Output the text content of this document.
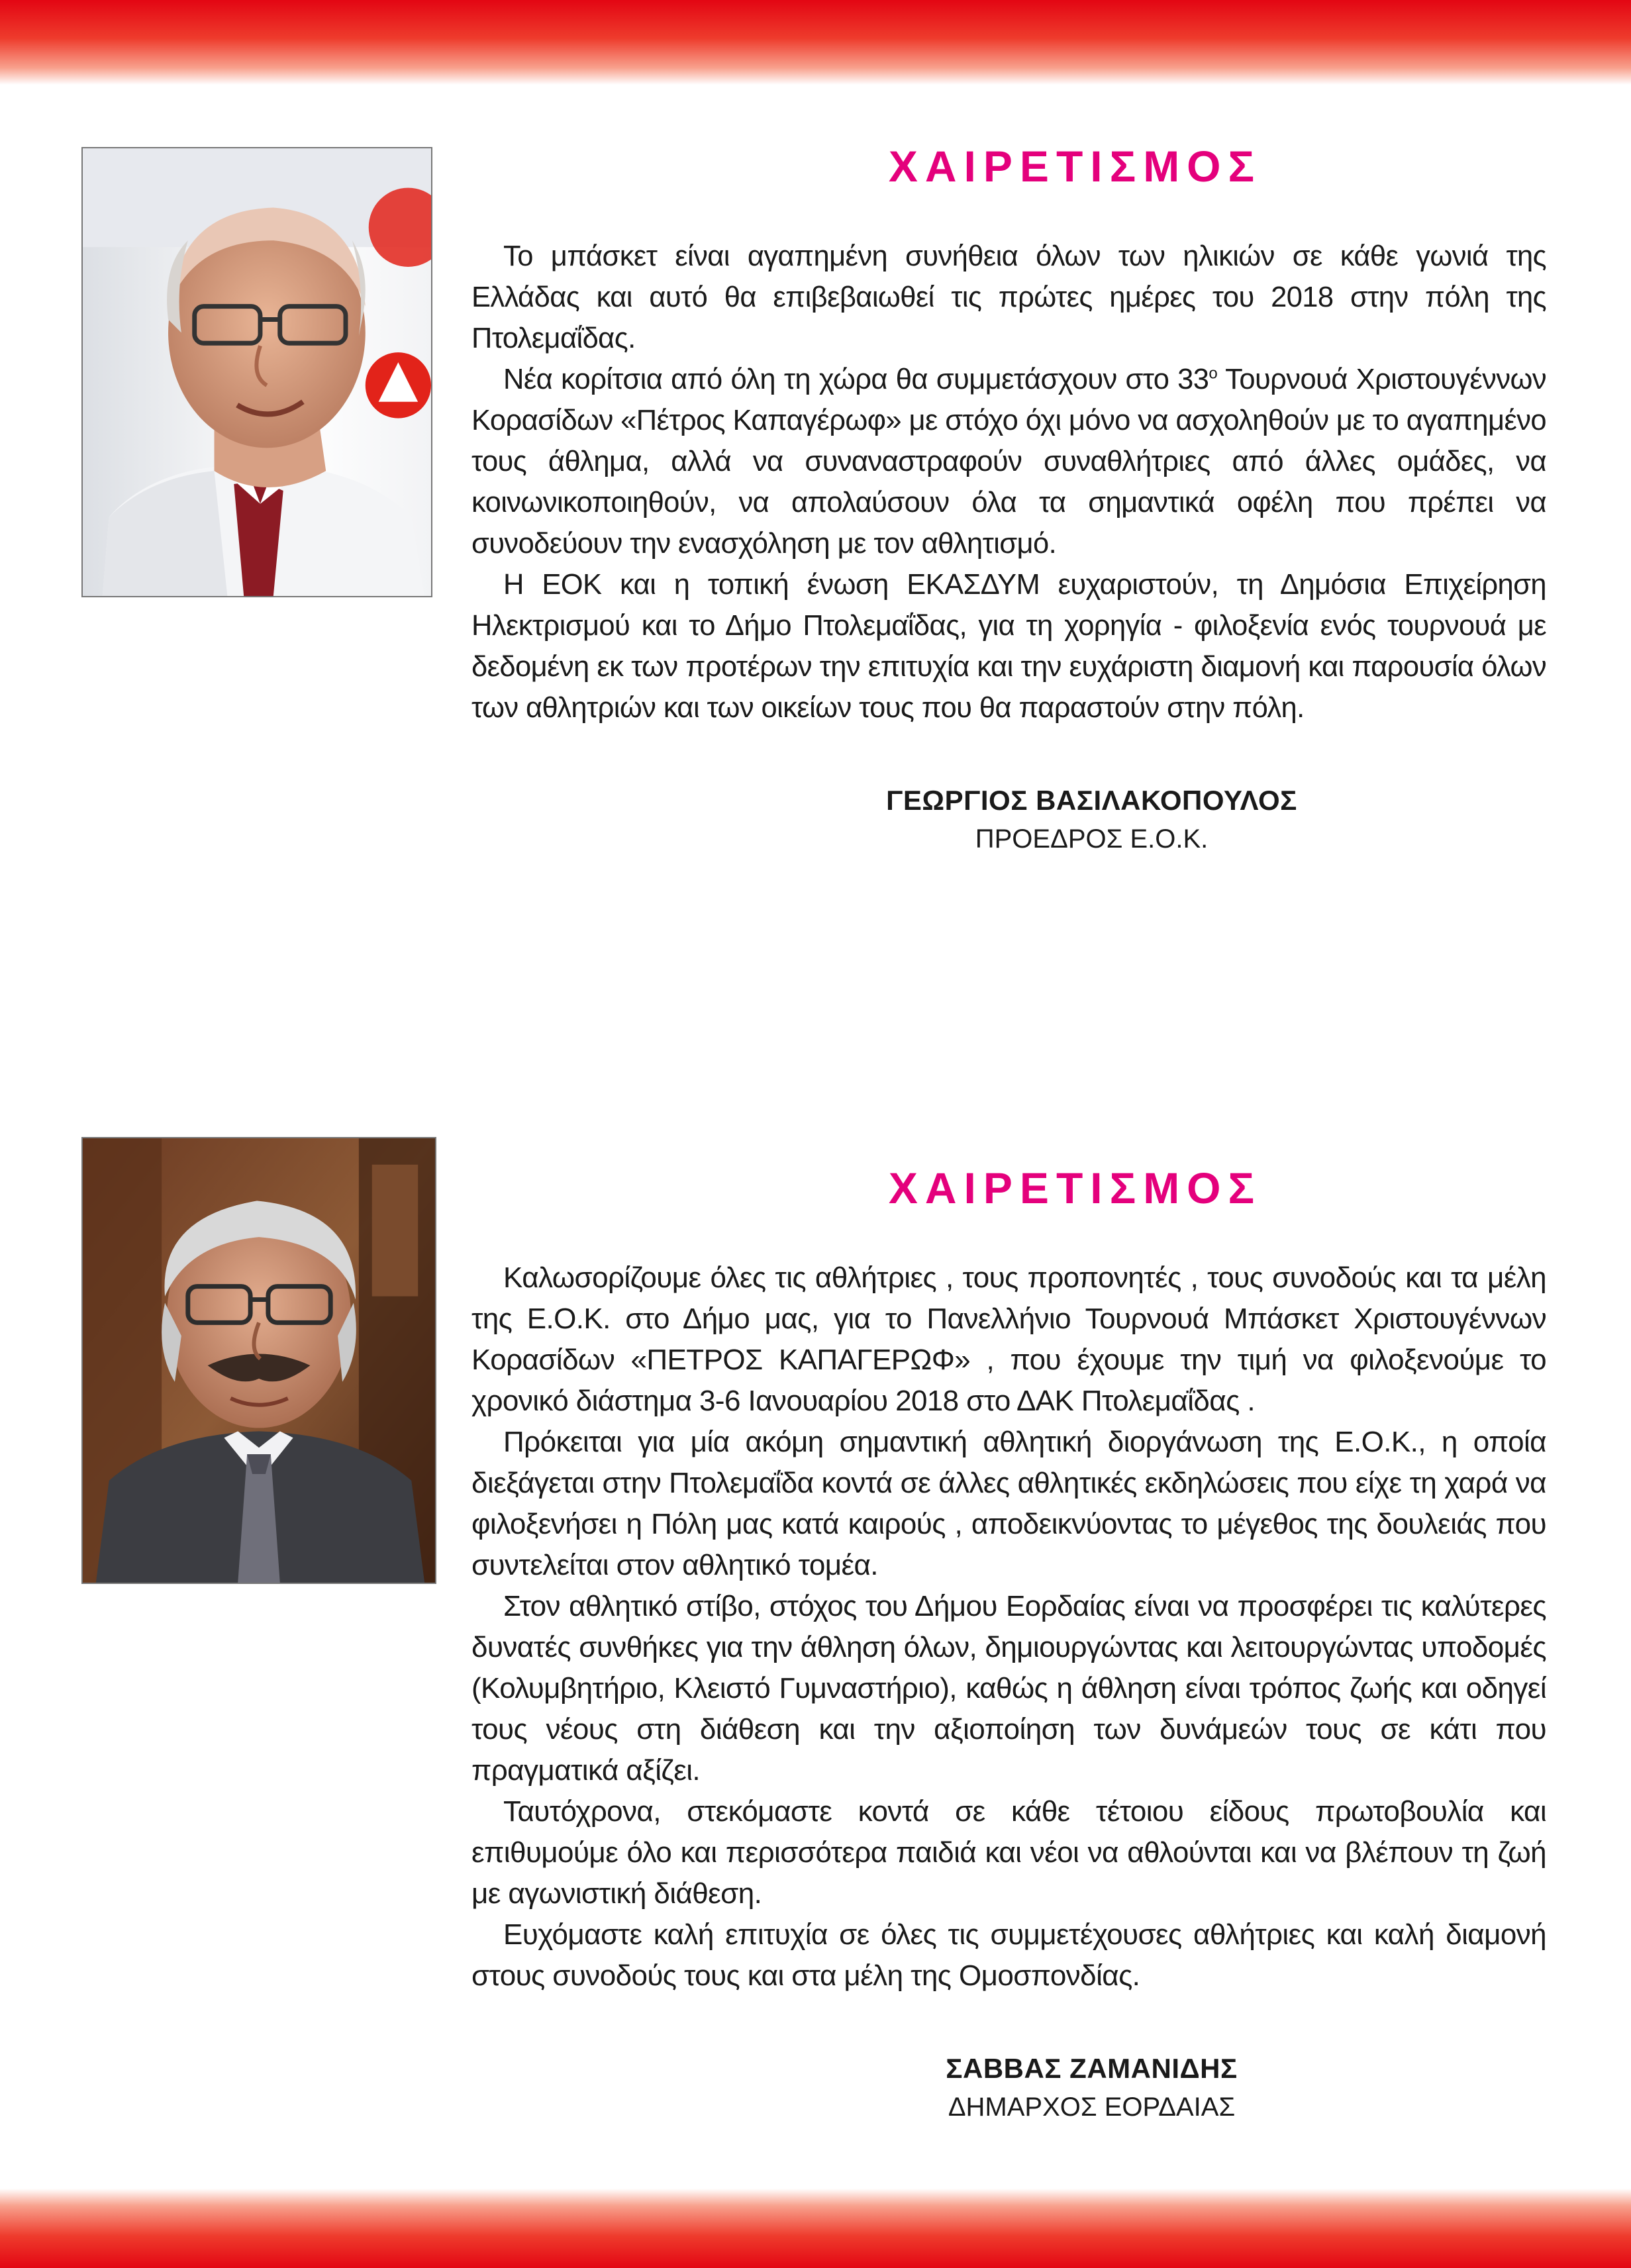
ΧΑΙΡΕΤΙΣΜΟΣ

Το μπάσκετ είναι αγαπημένη συνήθεια όλων των ηλικιών σε κάθε γωνιά της Ελλάδας και αυτό θα επιβεβαιωθεί τις πρώτες ημέρες του 2018 στην πόλη της Πτολεμαΐδας.

Νέα κορίτσια από όλη τη χώρα θα συμμετάσχουν στο $33^o$ Τουρνουά Χριστουγέννων Κορασίδων «Πέτρος Καπαγέρωφ» με στόχο όχι μόνο να ασχοληθούν με το αγαπημένο τους άθλημα, αλλά να συναναστραφούν συναθλήτριες από άλλες ομάδες, να κοινωνικοποιηθούν, να απολαύσουν όλα τα σημαντικά οφέλη που πρέπει να συνοδεύουν την ενασχόληση με τον αθλητισμό.

Η ΕΟΚ και η τοπική ένωση ΕΚΑΣΔΥΜ ευχαριστούν, τη Δημόσια Επιχείρηση Ηλεκτρισμού και το Δήμο Πτολεμαΐδας, για τη χορηγία - φιλοξενία ενός τουρνουά με δεδομένη εκ των προτέρων την επιτυχία και την ευχάριστη διαμονή και παρουσία όλων των αθλητριών και των οικείων τους που θα παραστούν στην πόλη.

ΓΕΩΡΓΙΟΣ ΒΑΣΙΛΑΚΟΠΟΥΛΟΣ
ΠΡΟΕΔΡΟΣ Ε.Ο.Κ.
ΧΑΙΡΕΤΙΣΜΟΣ

Καλωσορίζουμε όλες τις αθλήτριες , τους προπονητές , τους συνοδούς και τα μέλη της Ε.Ο.Κ. στο Δήμο μας, για το Πανελλήνιο Τουρνουά Μπάσκετ Χριστουγέννων Κορασίδων «ΠΕΤΡΟΣ ΚΑΠΑΓΕΡΩΦ» , που έχουμε την τιμή να φιλοξενούμε το χρονικό διάστημα 3-6 Ιανουαρίου 2018 στο ΔΑΚ Πτολεμαΐδας .

Πρόκειται για μία ακόμη σημαντική αθλητική διοργάνωση της Ε.Ο.Κ., η οποία διεξάγεται στην Πτολεμαΐδα κοντά σε άλλες αθλητικές εκδηλώσεις που είχε τη χαρά να φιλοξενήσει η Πόλη μας κατά καιρούς , αποδεικνύοντας το μέγεθος της δουλειάς που συντελείται στον αθλητικό τομέα.

Στον αθλητικό στίβο, στόχος του Δήμου Εορδαίας είναι να προσφέρει τις καλύτερες δυνατές συνθήκες για την άθληση όλων, δημιουργώντας και λειτουργώντας υποδομές (Κολυμβητήριο, Κλειστό Γυμναστήριο), καθώς η άθληση είναι τρόπος ζωής και οδηγεί τους νέους στη διάθεση και την αξιοποίηση των δυνάμεών τους σε κάτι που πραγματικά αξίζει.

Ταυτόχρονα, στεκόμαστε κοντά σε κάθε τέτοιου είδους πρωτοβουλία και επιθυμούμε όλο και περισσότερα παιδιά και νέοι να αθλούνται και να βλέπουν τη ζωή με αγωνιστική διάθεση.

Ευχόμαστε καλή επιτυχία σε όλες τις συμμετέχουσες αθλήτριες και καλή διαμονή στους συνοδούς τους και στα μέλη της Ομοσπονδίας.

ΣΑΒΒΑΣ ΖΑΜΑΝΙΔΗΣ
ΔΗΜΑΡΧΟΣ ΕΟΡΔΑΙΑΣ
